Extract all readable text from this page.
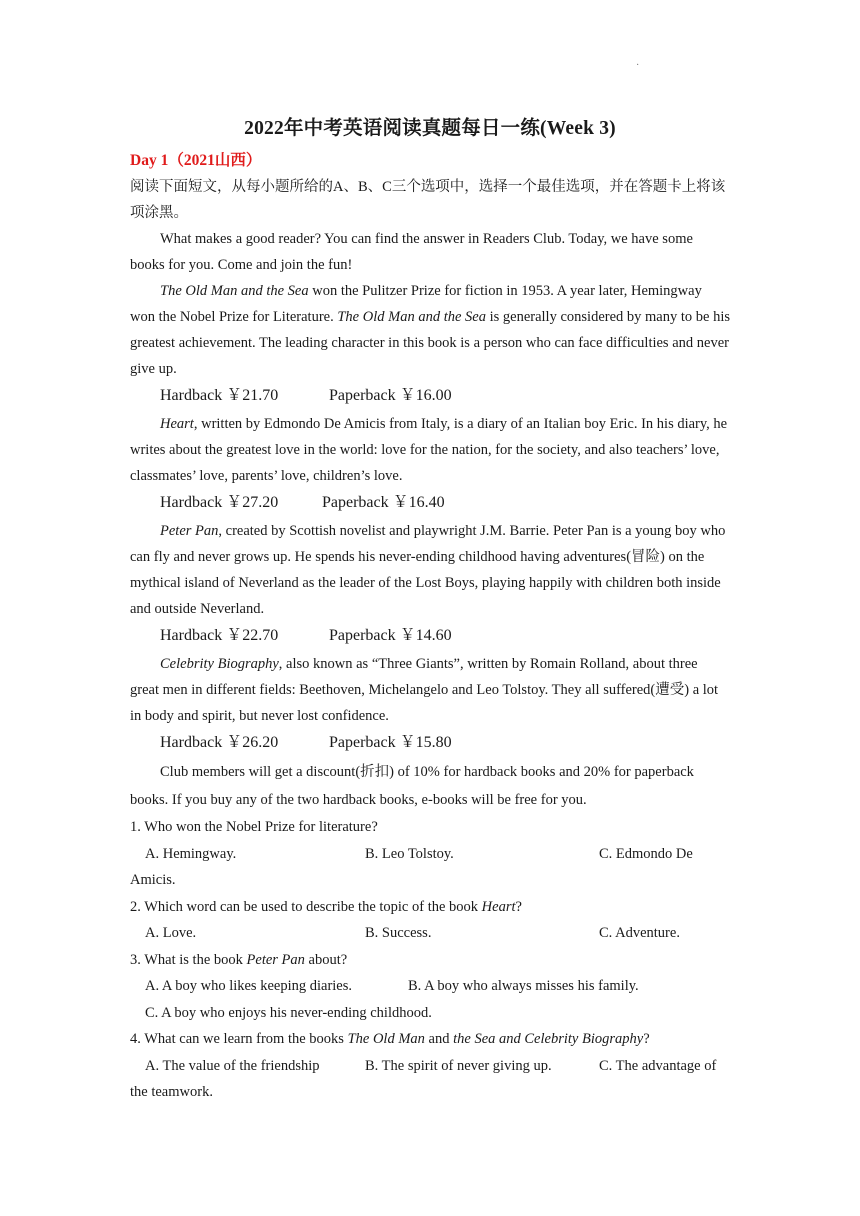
·
2022年中考英语阅读真题每日一练(Week 3)
Day 1（2021山西）

阅读下面短文，从每小题所给的A、B、C三个选项中，选择一个最佳选项，并在答题卡上将该项涂黑。

What makes a good reader? You can find the answer in Readers Club. Today, we have some books for you. Come and join the fun!

The Old Man and the Sea won the Pulitzer Prize for fiction in 1953. A year later, Hemingway won the Nobel Prize for Literature. The Old Man and the Sea is generally considered by many to be his greatest achievement. The leading character in this book is a person who can face difficulties and never give up.

Hardback ￥21.70	Paperback ￥16.00

Heart, written by Edmondo De Amicis from Italy, is a diary of an Italian boy Eric. In his diary, he writes about the greatest love in the world: love for the nation, for the society, and also teachers’ love, classmates’ love, parents’ love, children’s love.

Hardback ￥27.20	Paperback ￥16.40

Peter Pan, created by Scottish novelist and playwright J.M. Barrie. Peter Pan is a young boy who can fly and never grows up. He spends his never-ending childhood having adventures(冒险) on the mythical island of Neverland as the leader of the Lost Boys, playing happily with children both inside and outside Neverland.

Hardback ￥22.70	Paperback ￥14.60

Celebrity Biography, also known as “Three Giants”, written by Romain Rolland, about three great men in different fields: Beethoven, Michelangelo and Leo Tolstoy. They all suffered(遭受) a lot in body and spirit, but never lost confidence.

Hardback ￥26.20	Paperback ￥15.80

Club members will get a discount(折扣) of 10% for hardback books and 20% for paperback books. If you buy any of the two hardback books, e-books will be free for you.

1. Who won the Nobel Prize for literature?
A. Hemingway.	B. Leo Tolstoy.	C. Edmondo De
Amicis.
2. Which word can be used to describe the topic of the book Heart?
A. Love.	B. Success.	C. Adventure.
3. What is the book Peter Pan about?
A. A boy who likes keeping diaries.	B. A boy who always misses his family.
C. A boy who enjoys his never-ending childhood.
4. What can we learn from the books The Old Man and the Sea and Celebrity Biography?
A. The value of the friendship	B. The spirit of never giving up.	C. The advantage of
the teamwork.
